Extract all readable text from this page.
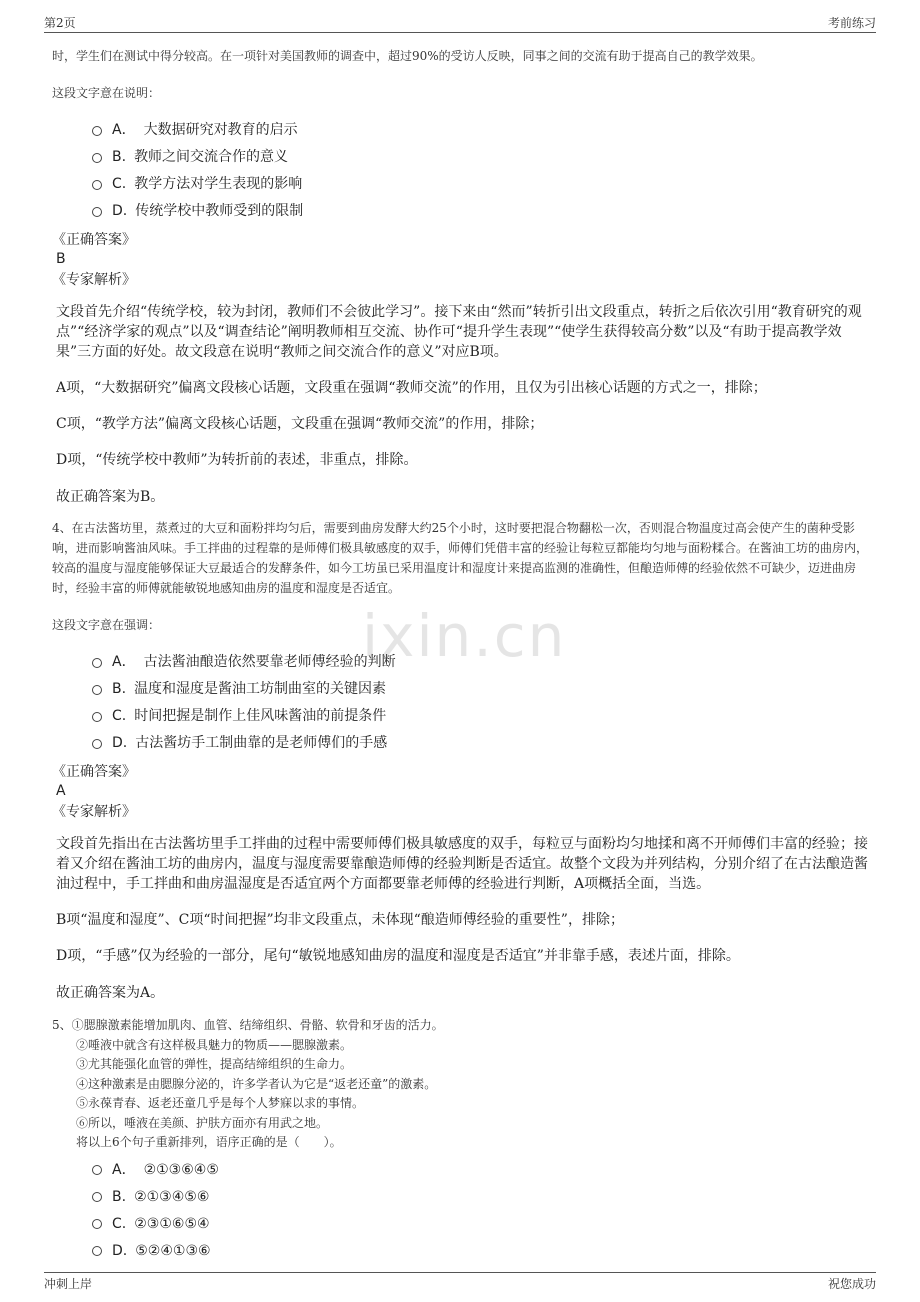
第2页	考前练习
ixin.cn

时，学生们在测试中得分较高。在一项针对美国教师的调查中，超过90%的受访人反映，同事之间的交流有助于提高自己的教学效果。

这段文字意在说明：

A． 大数据研究对教育的启示
B. 教师之间交流合作的意义
C. 教学方法对学生表现的影响
D. 传统学校中教师受到的限制

《正确答案》

B

《专家解析》

文段首先介绍“传统学校，较为封闭，教师们不会彼此学习”。接下来由“然而”转折引出文段重点，转折之后依次引用“教育研究的观点”“经济学家的观点”以及“调查结论”阐明教师相互交流、协作可“提升学生表现”“使学生获得较高分数”以及“有助于提高教学效果”三方面的好处。故文段意在说明“教师之间交流合作的意义”对应B项。

A项，“大数据研究”偏离文段核心话题，文段重在强调“教师交流”的作用，且仅为引出核心话题的方式之一，排除；

C项，“教学方法”偏离文段核心话题，文段重在强调“教师交流”的作用，排除；

D项，“传统学校中教师”为转折前的表述，非重点，排除。

故正确答案为B。

4、在古法酱坊里，蒸煮过的大豆和面粉拌均匀后，需要到曲房发酵大约25个小时，这时要把混合物翻松一次，否则混合物温度过高会使产生的菌种受影响，进而影响酱油风味。手工拌曲的过程靠的是师傅们极具敏感度的双手，师傅们凭借丰富的经验让每粒豆都能均匀地与面粉糅合。在酱油工坊的曲房内，较高的温度与湿度能够保证大豆最适合的发酵条件，如今工坊虽已采用温度计和湿度计来提高监测的准确性，但酿造师傅的经验依然不可缺少，迈进曲房时，经验丰富的师傅就能敏锐地感知曲房的温度和湿度是否适宜。

这段文字意在强调：

A． 古法酱油酿造依然要靠老师傅经验的判断
B. 温度和湿度是酱油工坊制曲室的关键因素
C. 时间把握是制作上佳风味酱油的前提条件
D. 古法酱坊手工制曲靠的是老师傅们的手感

《正确答案》

A

《专家解析》

文段首先指出在古法酱坊里手工拌曲的过程中需要师傅们极具敏感度的双手，每粒豆与面粉均匀地揉和离不开师傅们丰富的经验；接着又介绍在酱油工坊的曲房内，温度与湿度需要靠酿造师傅的经验判断是否适宜。故整个文段为并列结构，分别介绍了在古法酿造酱油过程中，手工拌曲和曲房温湿度是否适宜两个方面都要靠老师傅的经验进行判断，A项概括全面，当选。

B项“温度和湿度”、C项“时间把握”均非文段重点，未体现“酿造师傅经验的重要性”，排除；

D项，“手感”仅为经验的一部分，尾句“敏锐地感知曲房的温度和湿度是否适宜”并非靠手感，表述片面，排除。

故正确答案为A。

5、①腮腺激素能增加肌肉、血管、结缔组织、骨骼、软骨和牙齿的活力。

②唾液中就含有这样极具魅力的物质——腮腺激素。

③尤其能强化血管的弹性，提高结缔组织的生命力。

④这种激素是由腮腺分泌的，许多学者认为它是“返老还童”的激素。

⑤永葆青春、返老还童几乎是每个人梦寐以求的事情。

⑥所以，唾液在美颜、护肤方面亦有用武之地。

将以上6个句子重新排列，语序正确的是（　　）。

A． ②①③⑥④⑤
B. ②①③④⑤⑥
C. ②③①⑥⑤④
D. ⑤②④①③⑥
冲刺上岸	祝您成功
